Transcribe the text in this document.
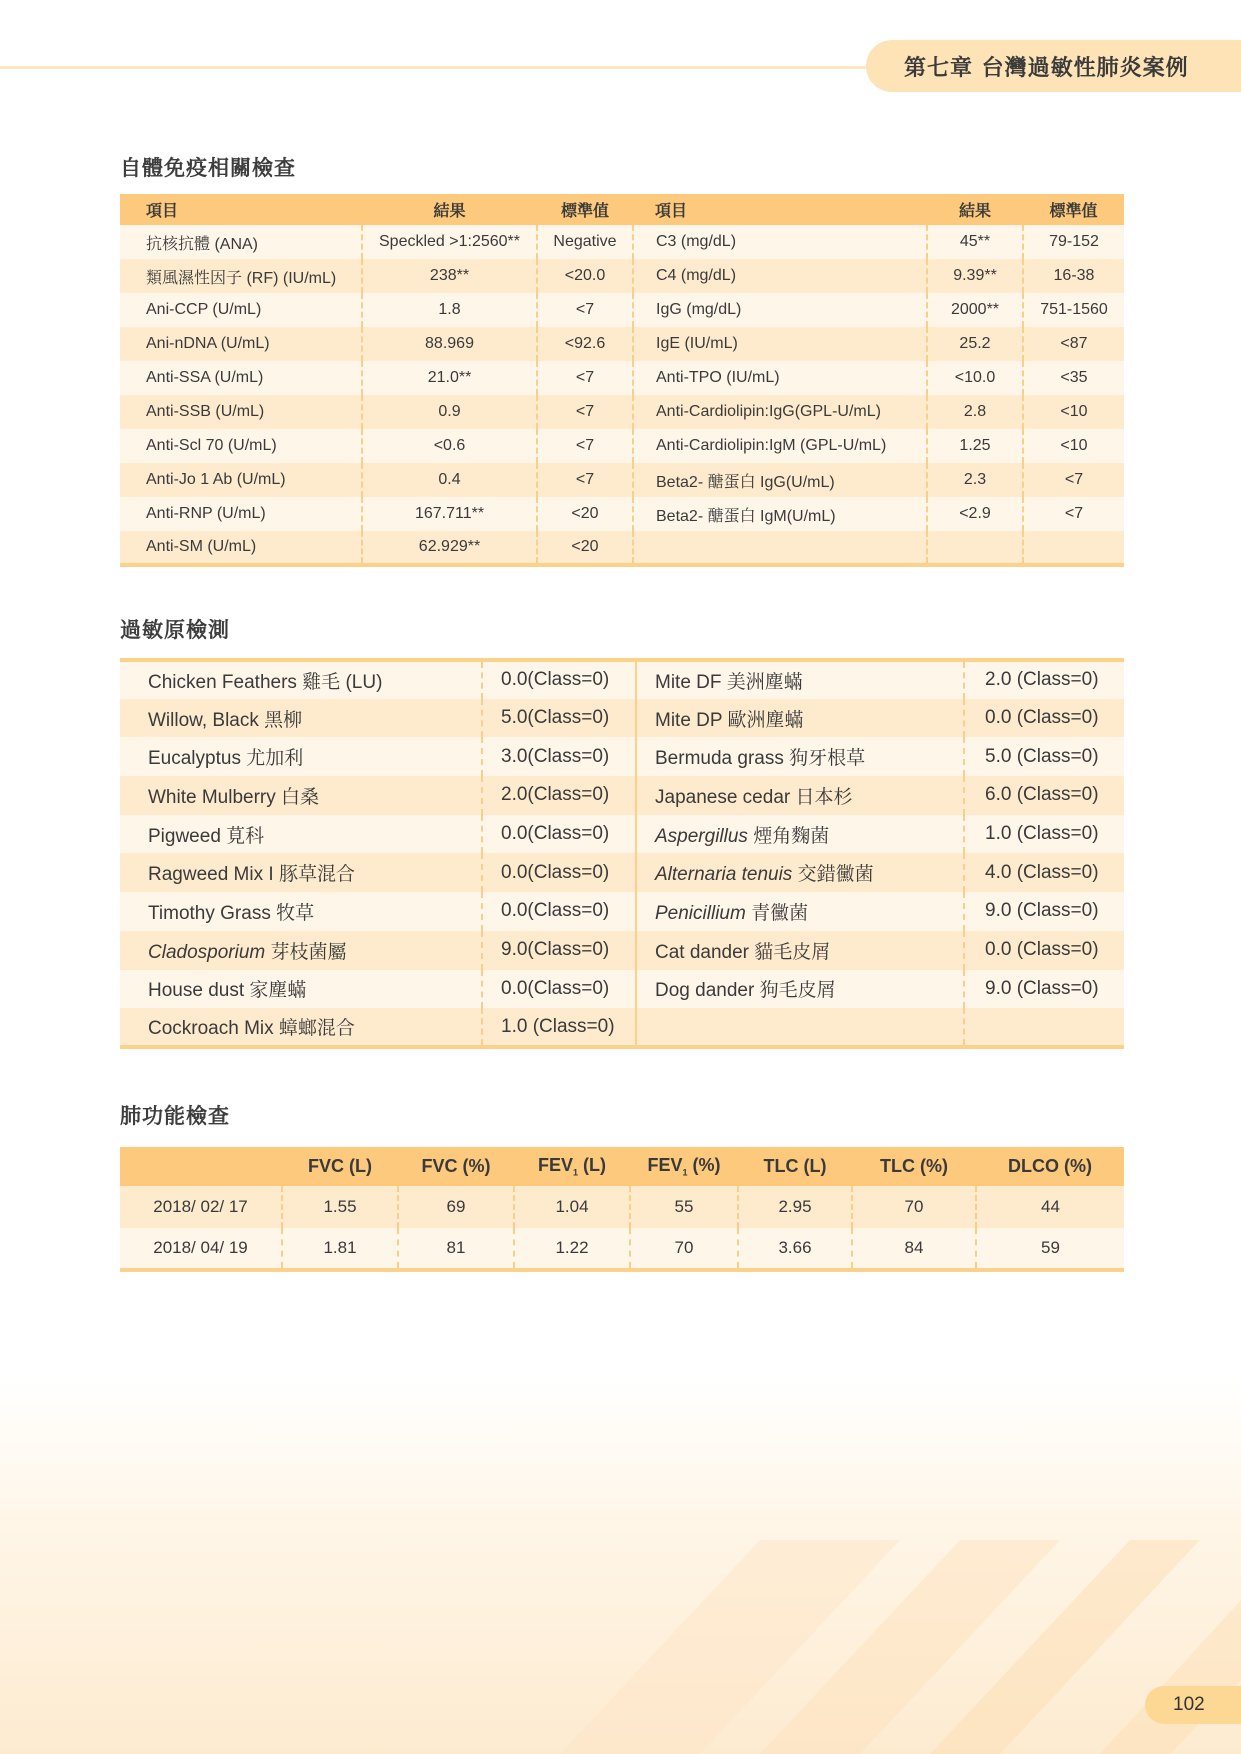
第七章 台灣過敏性肺炎案例
自體免疫相關檢查
項目	結果	標準值	項目	結果	標準值
抗核抗體 (ANA)	Speckled >1:2560**	Negative	C3 (mg/dL)	45**	79-152
類風濕性因子 (RF) (IU/mL)	238**	<20.0	C4 (mg/dL)	9.39**	16-38
Ani-CCP (U/mL)	1.8	<7	IgG (mg/dL)	2000**	751-1560
Ani-nDNA (U/mL)	88.969	<92.6	IgE (IU/mL)	25.2	<87
Anti-SSA (U/mL)	21.0**	<7	Anti-TPO (IU/mL)	<10.0	<35
Anti-SSB (U/mL)	0.9	<7	Anti-Cardiolipin:IgG(GPL-U/mL)	2.8	<10
Anti-Scl 70 (U/mL)	<0.6	<7	Anti-Cardiolipin:IgM (GPL-U/mL)	1.25	<10
Anti-Jo 1 Ab (U/mL)	0.4	<7	Beta2- 醣蛋白 IgG(U/mL)	2.3	<7
Anti-RNP (U/mL)	167.711**	<20	Beta2- 醣蛋白 IgM(U/mL)	<2.9	<7
Anti-SM (U/mL)	62.929**	<20			
過敏原檢測
Chicken Feathers 雞毛 (LU)	0.0(Class=0)	Mite DF 美洲塵蟎	2.0 (Class=0)
Willow, Black 黑柳	5.0(Class=0)	Mite DP 歐洲塵蟎	0.0 (Class=0)
Eucalyptus 尤加利	3.0(Class=0)	Bermuda grass 狗牙根草	5.0 (Class=0)
White Mulberry 白桑	2.0(Class=0)	Japanese cedar 日本杉	6.0 (Class=0)
Pigweed 莧科	0.0(Class=0)	Aspergillus 煙角麴菌	1.0 (Class=0)
Ragweed Mix I 豚草混合	0.0(Class=0)	Alternaria tenuis 交錯黴菌	4.0 (Class=0)
Timothy Grass 牧草	0.0(Class=0)	Penicillium 青黴菌	9.0 (Class=0)
Cladosporium 芽枝菌屬	9.0(Class=0)	Cat dander 貓毛皮屑	0.0 (Class=0)
House dust 家塵蟎	0.0(Class=0)	Dog dander 狗毛皮屑	9.0 (Class=0)
Cockroach Mix 蟑螂混合	1.0 (Class=0)		
肺功能檢查
	FVC (L)	FVC (%)	$FEV_1$ (L)	$FEV_1$ (%)	TLC (L)	TLC (%)	DLCO (%)
2018/ 02/ 17	1.55	69	1.04	55	2.95	70	44
2018/ 04/ 19	1.81	81	1.22	70	3.66	84	59
102
